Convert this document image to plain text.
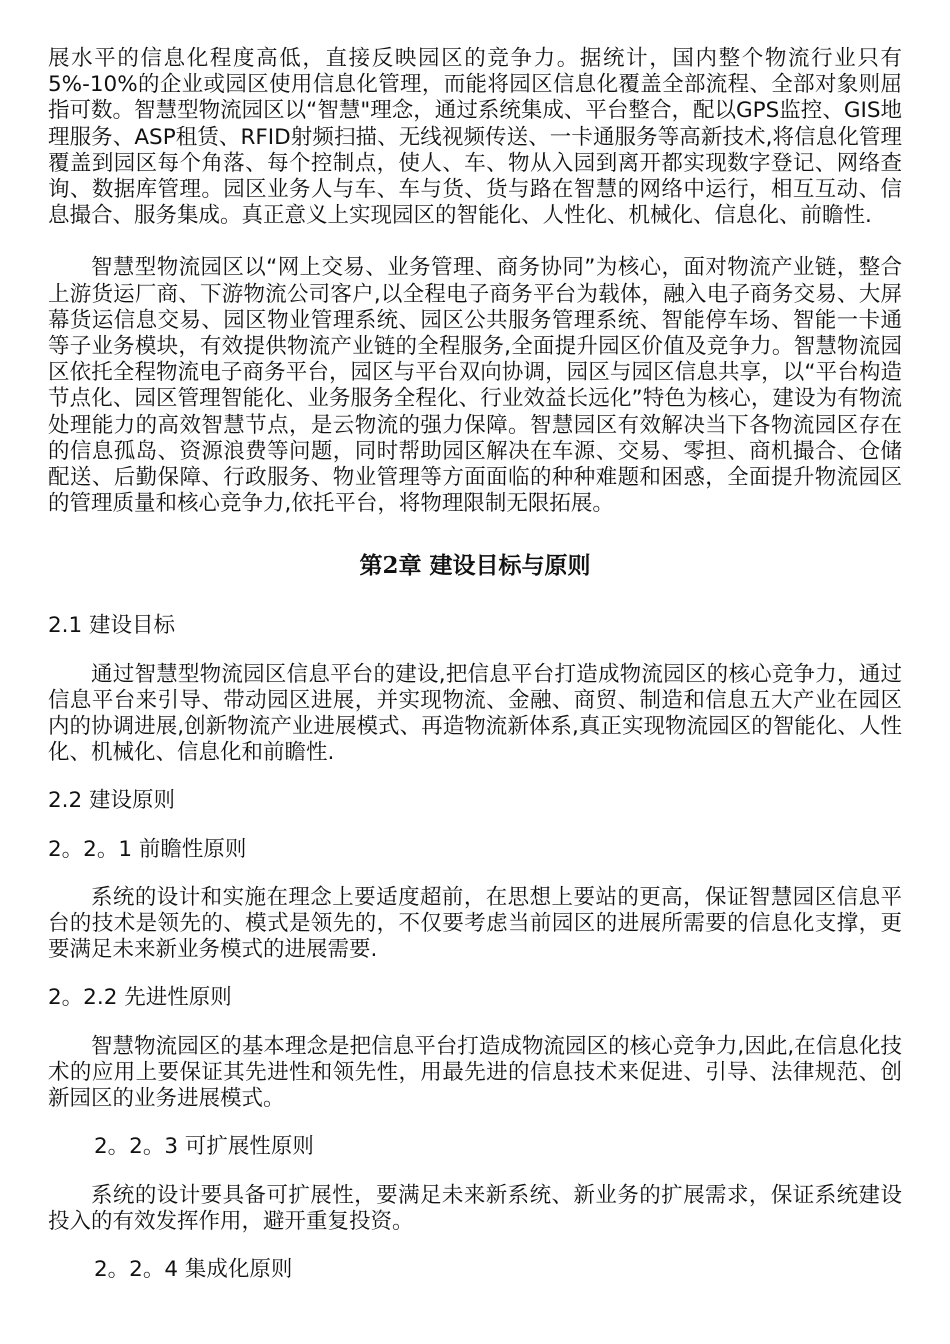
展水平的信息化程度高低，直接反映园区的竞争力。据统计，国内整个物流行业只有5%-10%的企业或园区使用信息化管理，而能将园区信息化覆盖全部流程、全部对象则屈指可数。智慧型物流园区以“智慧"理念，通过系统集成、平台整合，配以GPS监控、GIS地理服务、ASP租赁、RFID射频扫描、无线视频传送、一卡通服务等高新技术,将信息化管理覆盖到园区每个角落、每个控制点，使人、车、物从入园到离开都实现数字登记、网络查询、数据库管理。园区业务人与车、车与货、货与路在智慧的网络中运行，相互互动、信息撮合、服务集成。真正意义上实现园区的智能化、人性化、机械化、信息化、前瞻性.

智慧型物流园区以“网上交易、业务管理、商务协同”为核心，面对物流产业链，整合上游货运厂商、下游物流公司客户,以全程电子商务平台为载体，融入电子商务交易、大屏幕货运信息交易、园区物业管理系统、园区公共服务管理系统、智能停车场、智能一卡通等子业务模块，有效提供物流产业链的全程服务,全面提升园区价值及竞争力。智慧物流园区依托全程物流电子商务平台，园区与平台双向协调，园区与园区信息共享，以“平台构造节点化、园区管理智能化、业务服务全程化、行业效益长远化”特色为核心，建设为有物流处理能力的高效智慧节点，是云物流的强力保障。智慧园区有效解决当下各物流园区存在的信息孤岛、资源浪费等问题，同时帮助园区解决在车源、交易、零担、商机撮合、仓储配送、后勤保障、行政服务、物业管理等方面面临的种种难题和困惑，全面提升物流园区的管理质量和核心竞争力,依托平台，将物理限制无限拓展。

第2章 建设目标与原则
2.1 建设目标

通过智慧型物流园区信息平台的建设,把信息平台打造成物流园区的核心竞争力，通过信息平台来引导、带动园区进展，并实现物流、金融、商贸、制造和信息五大产业在园区内的协调进展,创新物流产业进展模式、再造物流新体系,真正实现物流园区的智能化、人性化、机械化、信息化和前瞻性.

2.2 建设原则
2。2。1 前瞻性原则

系统的设计和实施在理念上要适度超前，在思想上要站的更高，保证智慧园区信息平台的技术是领先的、模式是领先的，不仅要考虑当前园区的进展所需要的信息化支撑，更要满足未来新业务模式的进展需要.

2。2.2 先进性原则

智慧物流园区的基本理念是把信息平台打造成物流园区的核心竞争力,因此,在信息化技术的应用上要保证其先进性和领先性，用最先进的信息技术来促进、引导、法律规范、创新园区的业务进展模式。

2。2。3 可扩展性原则

系统的设计要具备可扩展性，要满足未来新系统、新业务的扩展需求，保证系统建设投入的有效发挥作用，避开重复投资。

2。2。4 集成化原则
